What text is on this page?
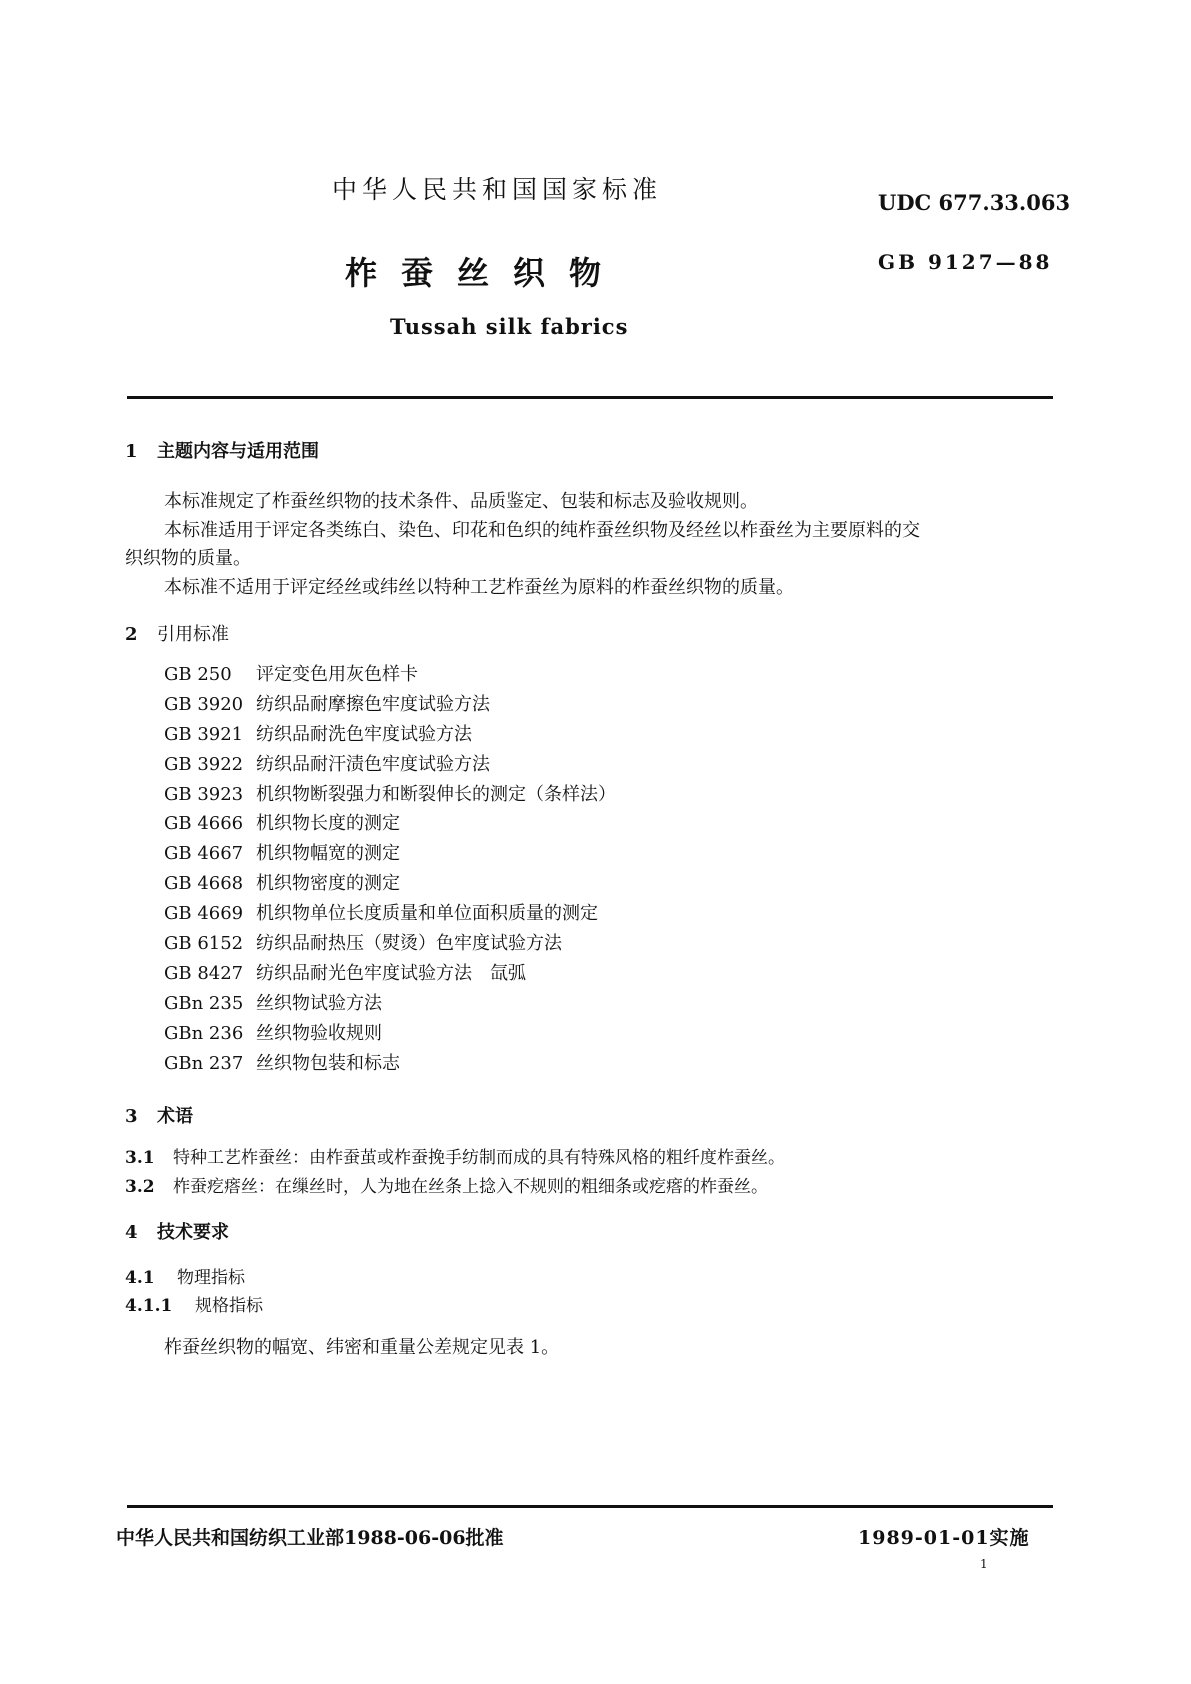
中华人民共和国国家标准	UDC 677.33.063
柞蚕丝织物	GB 9127—88
Tussah silk fabrics
1 主题内容与适用范围
本标准规定了柞蚕丝织物的技术条件、品质鉴定、包装和标志及验收规则。
本标准适用于评定各类练白、染色、印花和色织的纯柞蚕丝织物及经丝以柞蚕丝为主要原料的交
织织物的质量。
本标准不适用于评定经丝或纬丝以特种工艺柞蚕丝为原料的柞蚕丝织物的质量。
2 引用标准
GB 250 评定变色用灰色样卡
GB 3920 纺织品耐摩擦色牢度试验方法
GB 3921 纺织品耐洗色牢度试验方法
GB 3922 纺织品耐汗渍色牢度试验方法
GB 3923 机织物断裂强力和断裂伸长的测定（条样法）
GB 4666 机织物长度的测定
GB 4667 机织物幅宽的测定
GB 4668 机织物密度的测定
GB 4669 机织物单位长度质量和单位面积质量的测定
GB 6152 纺织品耐热压（熨烫）色牢度试验方法
GB 8427 纺织品耐光色牢度试验方法　氙弧
GBn 235 丝织物试验方法
GBn 236 丝织物验收规则
GBn 237 丝织物包装和标志
3 术语
3.1 特种工艺柞蚕丝：由柞蚕茧或柞蚕挽手纺制而成的具有特殊风格的粗纤度柞蚕丝。
3.2 柞蚕疙瘩丝：在缫丝时，人为地在丝条上捻入不规则的粗细条或疙瘩的柞蚕丝。
4 技术要求
4.1 物理指标
4.1.1 规格指标
柞蚕丝织物的幅宽、纬密和重量公差规定见表 1。
中华人民共和国纺织工业部1988-06-06批准	1989-01-01实施
1
